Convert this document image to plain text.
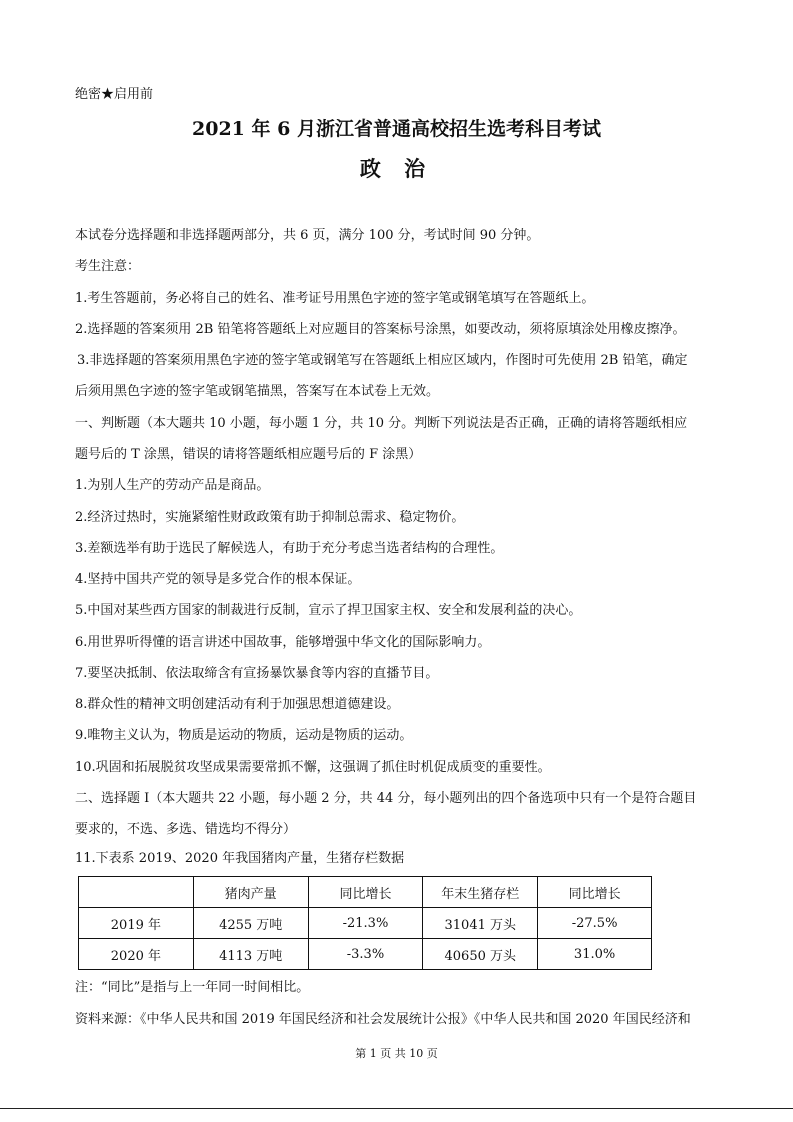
绝密★启用前
2021 年 6 月浙江省普通高校招生选考科目考试
政 治
本试卷分选择题和非选择题两部分，共 6 页，满分 100 分，考试时间 90 分钟。
考生注意：
1.考生答题前，务必将自己的姓名、准考证号用黑色字迹的签字笔或钢笔填写在答题纸上。
2.选择题的答案须用 2B 铅笔将答题纸上对应题目的答案标号涂黑，如要改动，须将原填涂处用橡皮擦净。
3.非选择题的答案须用黑色字迹的签字笔或钢笔写在答题纸上相应区域内，作图时可先使用 2B 铅笔，确定
后须用黑色字迹的签字笔或钢笔描黑，答案写在本试卷上无效。
一、判断题（本大题共 10 小题，每小题 1 分，共 10 分。判断下列说法是否正确，正确的请将答题纸相应
题号后的 T 涂黑，错误的请将答题纸相应题号后的 F 涂黑）
1.为别人生产的劳动产品是商品。
2.经济过热时，实施紧缩性财政政策有助于抑制总需求、稳定物价。
3.差额选举有助于选民了解候选人，有助于充分考虑当选者结构的合理性。
4.坚持中国共产党的领导是多党合作的根本保证。
5.中国对某些西方国家的制裁进行反制，宣示了捍卫国家主权、安全和发展利益的决心。
6.用世界听得懂的语言讲述中国故事，能够增强中华文化的国际影响力。
7.要坚决抵制、依法取缔含有宣扬暴饮暴食等内容的直播节目。
8.群众性的精神文明创建活动有利于加强思想道德建设。
9.唯物主义认为，物质是运动的物质，运动是物质的运动。
10.巩固和拓展脱贫攻坚成果需要常抓不懈，这强调了抓住时机促成质变的重要性。
二、选择题 I（本大题共 22 小题，每小题 2 分，共 44 分，每小题列出的四个备选项中只有一个是符合题目
要求的，不选、多选、错选均不得分）
11.下表系 2019、2020 年我国猪肉产量，生猪存栏数据
	猪肉产量	同比增长	年末生猪存栏	同比增长
2019 年	4255 万吨	-21.3%	31041 万头	-27.5%
2020 年	4113 万吨	-3.3%	40650 万头	31.0%
注：“同比”是指与上一年同一时间相比。
资料来源：《中华人民共和国 2019 年国民经济和社会发展统计公报》《中华人民共和国 2020 年国民经济和
第 1 页 共 10 页
